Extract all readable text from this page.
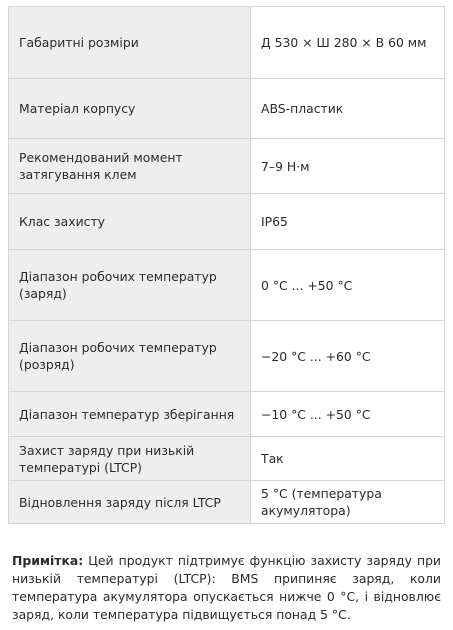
Габаритні розміри	Д 530 × Ш 280 × В 60 мм
Матеріал корпусу	ABS-пластик
Рекомендований момент затягування клем	7–9 Н·м
Клас захисту	IP65
Діапазон робочих температур (заряд)	0 °C ... +50 °C
Діапазон робочих температур (розряд)	−20 °C ... +60 °C
Діапазон температур зберігання	−10 °C ... +50 °C
Захист заряду при низькій температурі (LTCP)	Так
Відновлення заряду після LTCP	5 °C (температура акумулятора)

Примітка: Цей продукт підтримує функцію захисту заряду при низькій температурі (LTCP): BMS припиняє заряд, коли температура акумулятора опускається нижче 0 °C, і відновлює заряд, коли температура підвищується понад 5 °C.
